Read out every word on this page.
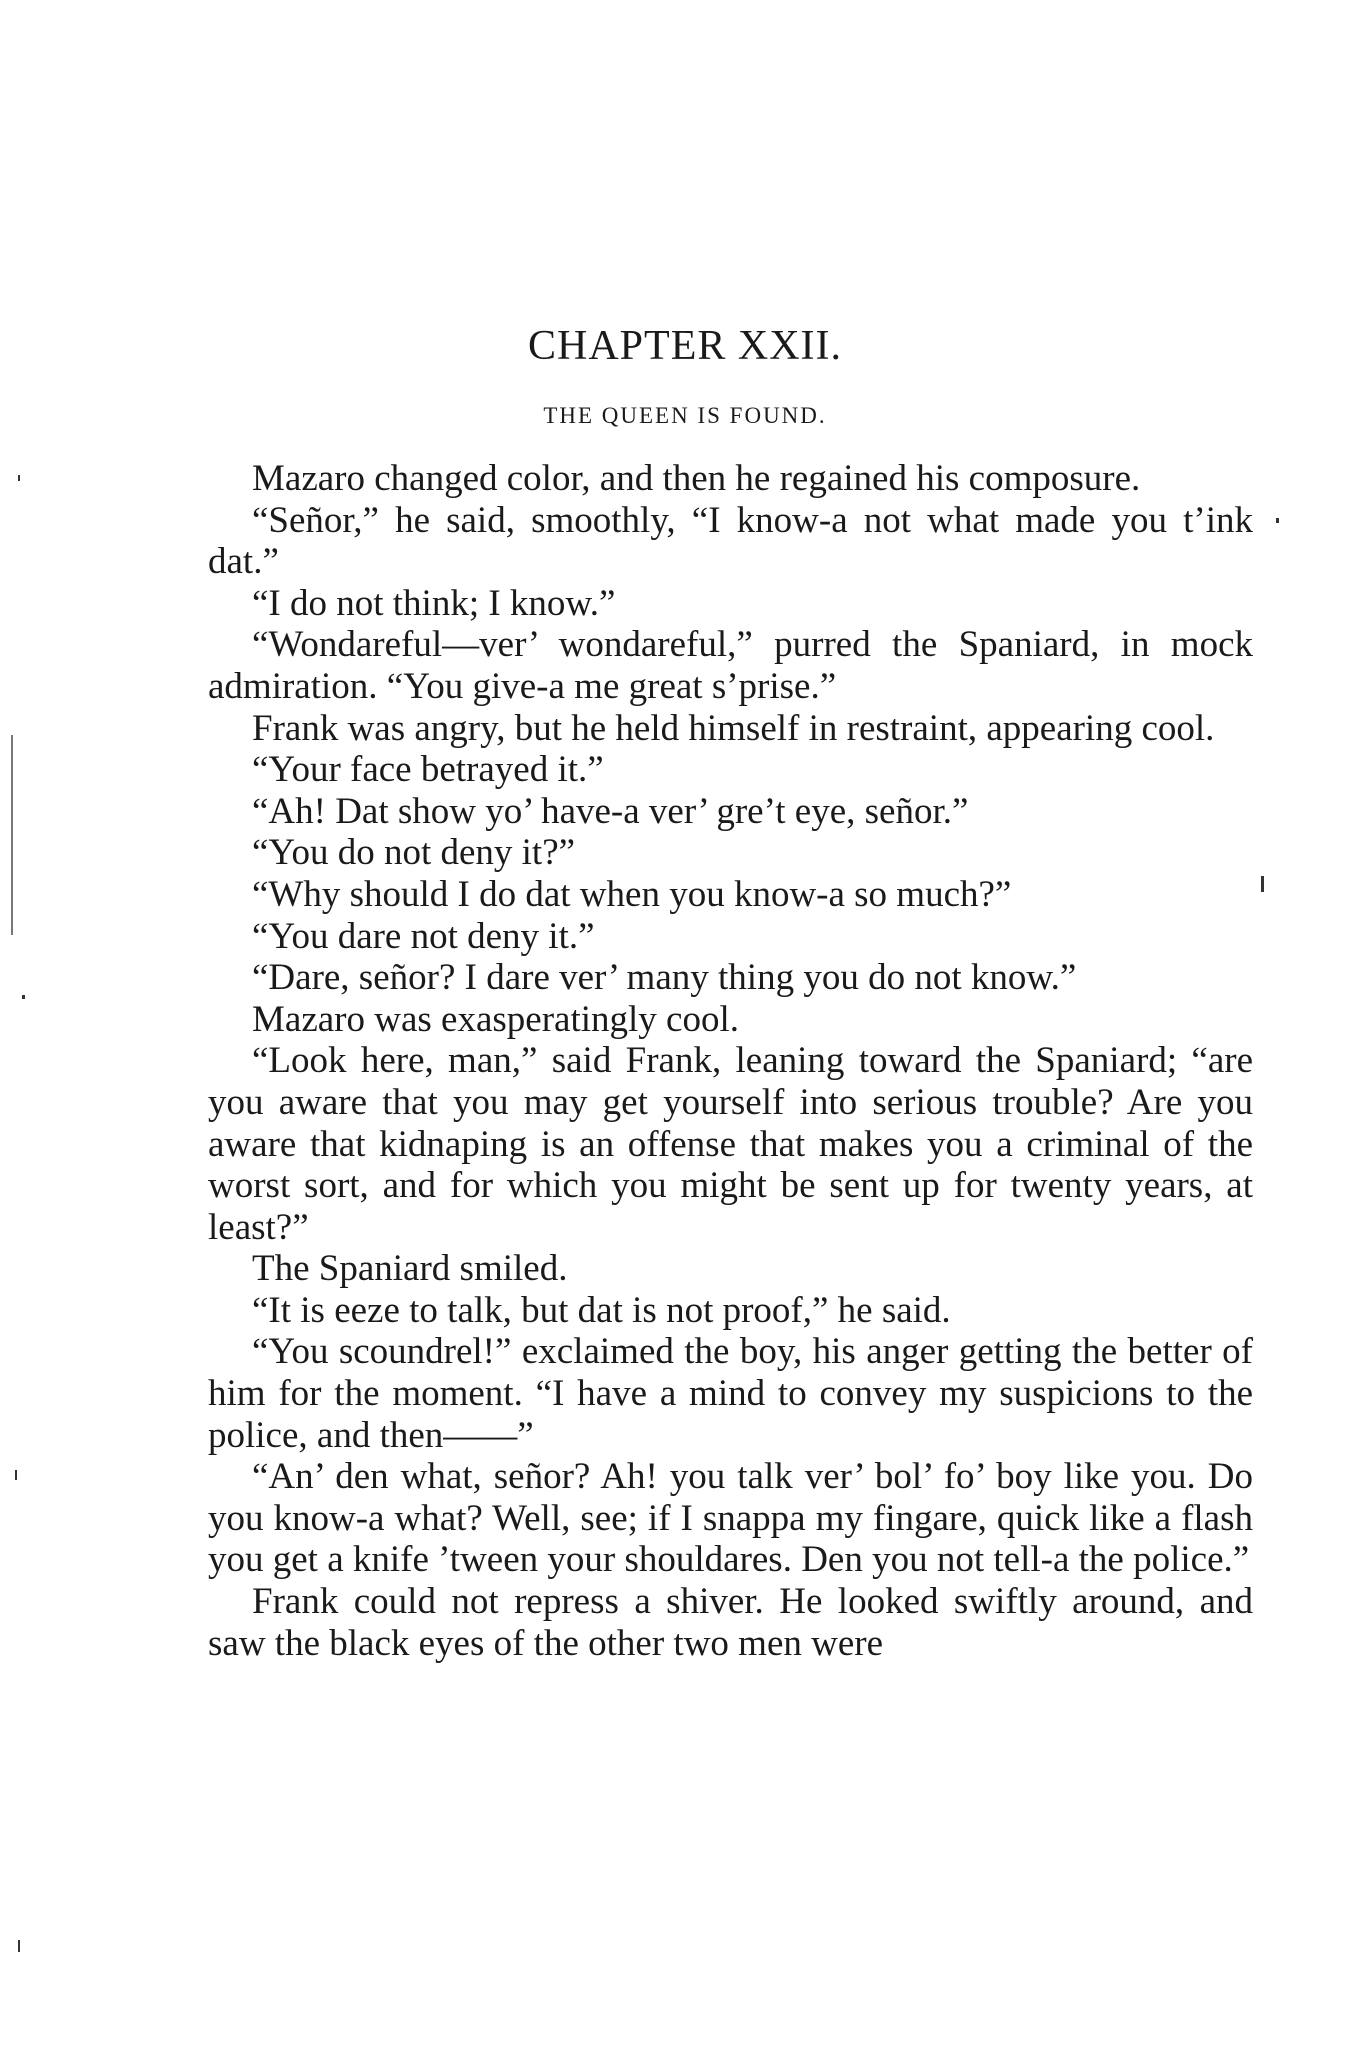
CHAPTER XXII.
THE QUEEN IS FOUND.

Mazaro changed color, and then he regained his composure.

“Señor,” he said, smoothly, “I know-a not what made you t’ink dat.”

“I do not think; I know.”

“Wondareful—ver’ wondareful,” purred the Spaniard, in mock admiration. “You give-a me great s’prise.”

Frank was angry, but he held himself in restraint, appearing cool.

“Your face betrayed it.”

“Ah! Dat show yo’ have-a ver’ gre’t eye, señor.”

“You do not deny it?”

“Why should I do dat when you know-a so much?”

“You dare not deny it.”

“Dare, señor? I dare ver’ many thing you do not know.”

Mazaro was exasperatingly cool.

“Look here, man,” said Frank, leaning toward the Spaniard; “are you aware that you may get yourself into serious trouble? Are you aware that kidnaping is an offense that makes you a criminal of the worst sort, and for which you might be sent up for twenty years, at least?”

The Spaniard smiled.

“It is eeze to talk, but dat is not proof,” he said.

“You scoundrel!” exclaimed the boy, his anger getting the better of him for the moment. “I have a mind to convey my suspicions to the police, and then——”

“An’ den what, señor? Ah! you talk ver’ bol’ fo’ boy like you. Do you know-a what? Well, see; if I snappa my fingare, quick like a flash you get a knife ’tween your shouldares. Den you not tell-a the police.”

Frank could not repress a shiver. He looked swiftly around, and saw the black eyes of the other two men were
